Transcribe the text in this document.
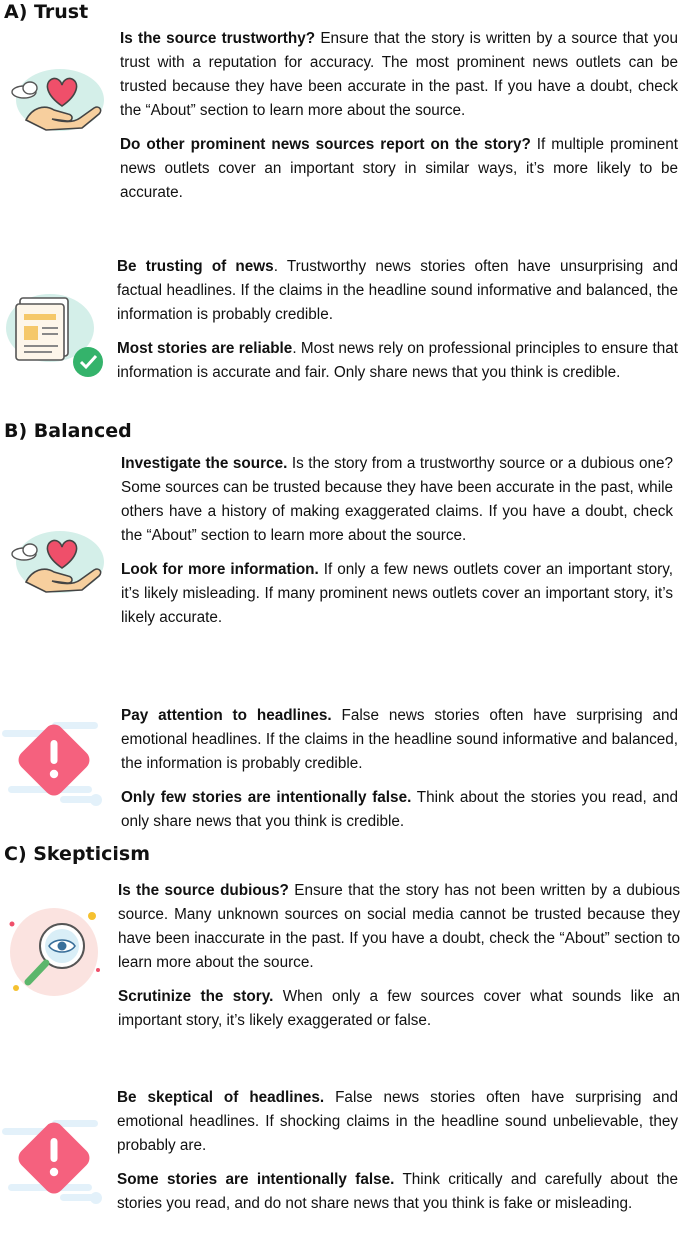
A) Trust

Is the source trustworthy? Ensure that the story is written by a source that you trust with a reputation for accuracy. The most prominent news outlets can be trusted because they have been accurate in the past. If you have a doubt, check the “About” section to learn more about the source.

Do other prominent news sources report on the story? If multiple prominent news outlets cover an important story in similar ways, it’s more likely to be accurate.

Be trusting of news. Trustworthy news stories often have unsurprising and factual headlines. If the claims in the headline sound informative and balanced, the information is probably credible.

Most stories are reliable. Most news rely on professional principles to ensure that information is accurate and fair. Only share news that you think is credible.

B) Balanced

Investigate the source. Is the story from a trustworthy source or a dubious one? Some sources can be trusted because they have been accurate in the past, while others have a history of making exaggerated claims. If you have a doubt, check the “About” section to learn more about the source.

Look for more information. If only a few news outlets cover an important story, it’s likely misleading. If many prominent news outlets cover an important story, it’s likely accurate.

Pay attention to headlines. False news stories often have surprising and emotional headlines. If the claims in the headline sound informative and balanced, the information is probably credible.

Only few stories are intentionally false. Think about the stories you read, and only share news that you think is credible.

C) Skepticism

Is the source dubious? Ensure that the story has not been written by a dubious source. Many unknown sources on social media cannot be trusted because they have been inaccurate in the past. If you have a doubt, check the “About” section to learn more about the source.

Scrutinize the story. When only a few sources cover what sounds like an important story, it’s likely exaggerated or false.

Be skeptical of headlines. False news stories often have surprising and emotional headlines. If shocking claims in the headline sound unbelievable, they probably are.

Some stories are intentionally false. Think critically and carefully about the stories you read, and do not share news that you think is fake or misleading.
